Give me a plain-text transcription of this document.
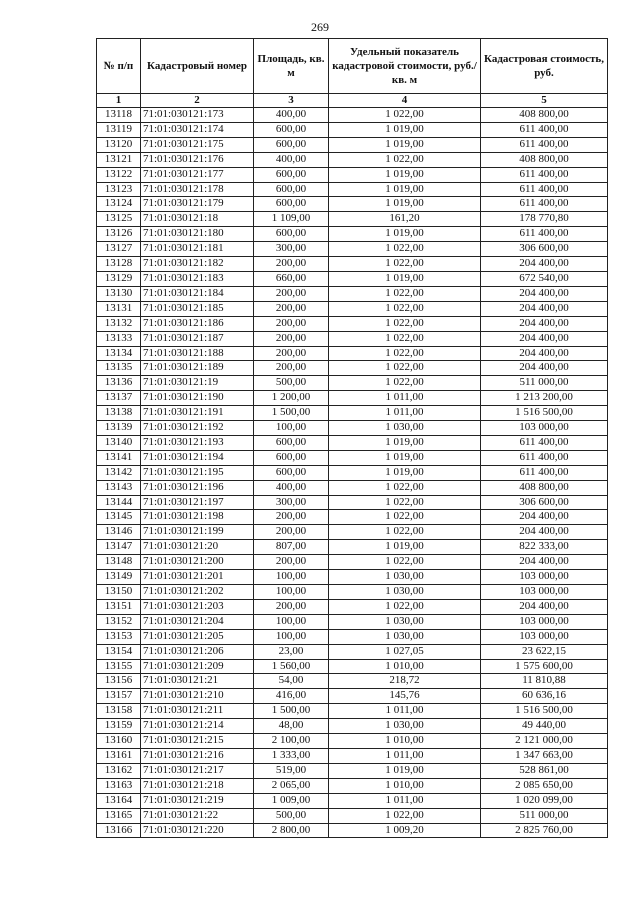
269
№ п/п	Кадастровый номер	Площадь, кв. м	Удельный показатель кадастровой стоимости, руб./кв. м	Кадастровая стоимость, руб.
1	2	3	4	5
13118	71:01:030121:173	400,00	1 022,00	408 800,00
13119	71:01:030121:174	600,00	1 019,00	611 400,00
13120	71:01:030121:175	600,00	1 019,00	611 400,00
13121	71:01:030121:176	400,00	1 022,00	408 800,00
13122	71:01:030121:177	600,00	1 019,00	611 400,00
13123	71:01:030121:178	600,00	1 019,00	611 400,00
13124	71:01:030121:179	600,00	1 019,00	611 400,00
13125	71:01:030121:18	1 109,00	161,20	178 770,80
13126	71:01:030121:180	600,00	1 019,00	611 400,00
13127	71:01:030121:181	300,00	1 022,00	306 600,00
13128	71:01:030121:182	200,00	1 022,00	204 400,00
13129	71:01:030121:183	660,00	1 019,00	672 540,00
13130	71:01:030121:184	200,00	1 022,00	204 400,00
13131	71:01:030121:185	200,00	1 022,00	204 400,00
13132	71:01:030121:186	200,00	1 022,00	204 400,00
13133	71:01:030121:187	200,00	1 022,00	204 400,00
13134	71:01:030121:188	200,00	1 022,00	204 400,00
13135	71:01:030121:189	200,00	1 022,00	204 400,00
13136	71:01:030121:19	500,00	1 022,00	511 000,00
13137	71:01:030121:190	1 200,00	1 011,00	1 213 200,00
13138	71:01:030121:191	1 500,00	1 011,00	1 516 500,00
13139	71:01:030121:192	100,00	1 030,00	103 000,00
13140	71:01:030121:193	600,00	1 019,00	611 400,00
13141	71:01:030121:194	600,00	1 019,00	611 400,00
13142	71:01:030121:195	600,00	1 019,00	611 400,00
13143	71:01:030121:196	400,00	1 022,00	408 800,00
13144	71:01:030121:197	300,00	1 022,00	306 600,00
13145	71:01:030121:198	200,00	1 022,00	204 400,00
13146	71:01:030121:199	200,00	1 022,00	204 400,00
13147	71:01:030121:20	807,00	1 019,00	822 333,00
13148	71:01:030121:200	200,00	1 022,00	204 400,00
13149	71:01:030121:201	100,00	1 030,00	103 000,00
13150	71:01:030121:202	100,00	1 030,00	103 000,00
13151	71:01:030121:203	200,00	1 022,00	204 400,00
13152	71:01:030121:204	100,00	1 030,00	103 000,00
13153	71:01:030121:205	100,00	1 030,00	103 000,00
13154	71:01:030121:206	23,00	1 027,05	23 622,15
13155	71:01:030121:209	1 560,00	1 010,00	1 575 600,00
13156	71:01:030121:21	54,00	218,72	11 810,88
13157	71:01:030121:210	416,00	145,76	60 636,16
13158	71:01:030121:211	1 500,00	1 011,00	1 516 500,00
13159	71:01:030121:214	48,00	1 030,00	49 440,00
13160	71:01:030121:215	2 100,00	1 010,00	2 121 000,00
13161	71:01:030121:216	1 333,00	1 011,00	1 347 663,00
13162	71:01:030121:217	519,00	1 019,00	528 861,00
13163	71:01:030121:218	2 065,00	1 010,00	2 085 650,00
13164	71:01:030121:219	1 009,00	1 011,00	1 020 099,00
13165	71:01:030121:22	500,00	1 022,00	511 000,00
13166	71:01:030121:220	2 800,00	1 009,20	2 825 760,00
